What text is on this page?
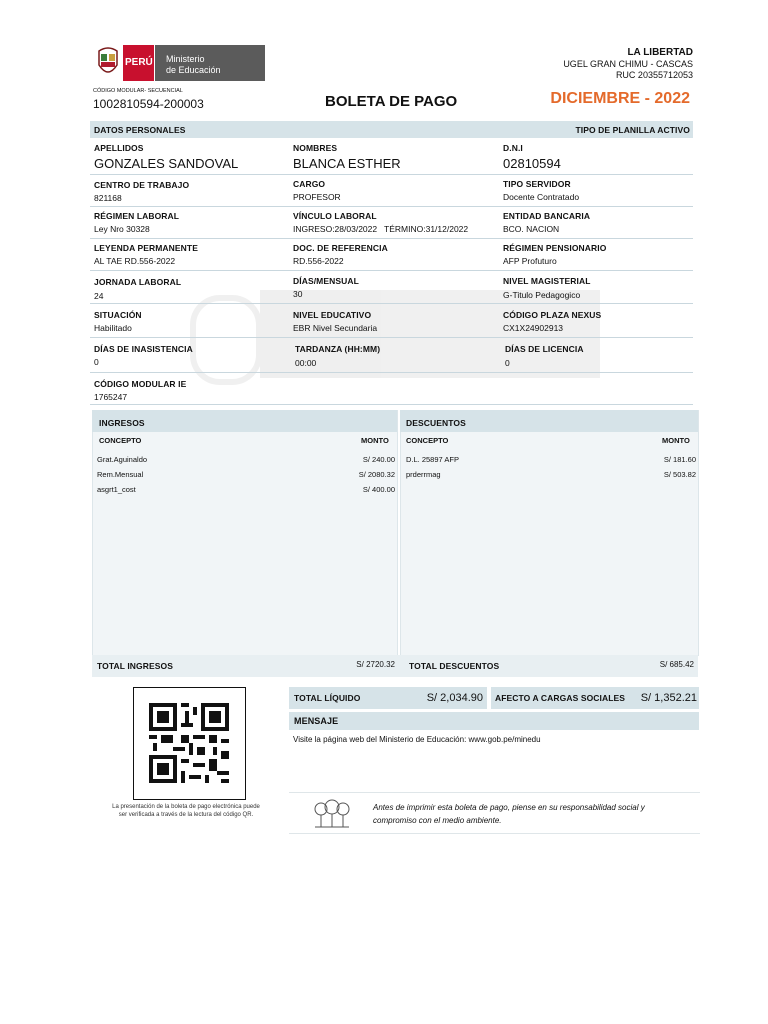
PERÚ Ministerio
de Educación
LA LIBERTAD
UGEL GRAN CHIMU - CASCAS
RUC 20355712053
CÓDIGO MODULAR- SECUENCIAL
1002810594-200003	BOLETA DE PAGO	DICIEMBRE - 2022
DATOS PERSONALES	TIPO DE PLANILLA ACTIVO
APELLIDOS
GONZALES SANDOVAL
NOMBRES
BLANCA ESTHER
D.N.I
02810594
CENTRO DE TRABAJO
821168
CARGO
PROFESOR
TIPO SERVIDOR
Docente Contratado
RÉGIMEN LABORAL
Ley Nro 30328
VÍNCULO LABORAL
INGRESO:28/03/2022   TÉRMINO:31/12/2022
ENTIDAD BANCARIA
BCO. NACION
LEYENDA PERMANENTE
AL TAE RD.556-2022
DOC. DE REFERENCIA
RD.556-2022
RÉGIMEN PENSIONARIO
AFP Profuturo
JORNADA LABORAL
24
DÍAS/MENSUAL
30
NIVEL MAGISTERIAL
G-Titulo Pedagogico
SITUACIÓN
Habilitado
NIVEL EDUCATIVO
EBR Nivel Secundaria
CÓDIGO PLAZA NEXUS
CX1X24902913
DÍAS DE INASISTENCIA
0
TARDANZA (HH:MM)
00:00
DÍAS DE LICENCIA
0
CÓDIGO MODULAR IE
1765247
INGRESOS
CONCEPTO	MONTO
Grat.Aguinaldo	S/ 240.00
Rem.Mensual	S/ 2080.32
asgrt1_cost	S/ 400.00
DESCUENTOS
CONCEPTO	MONTO
D.L. 25897 AFP	S/ 181.60
prderrmag	S/ 503.82
TOTAL INGRESOS	S/ 2720.32 TOTAL DESCUENTOS	S/ 685.42
La presentación de la boleta de pago electrónica puede ser verificada a través de la lectura del código QR.
TOTAL LÍQUIDO	S/ 2,034.90 AFECTO A CARGAS SOCIALES S/ 1,352.21
MENSAJE
Visite la página web del Ministerio de Educación: www.gob.pe/minedu
Antes de imprimir esta boleta de pago, piense en su responsabilidad social y
compromiso con el medio ambiente.
